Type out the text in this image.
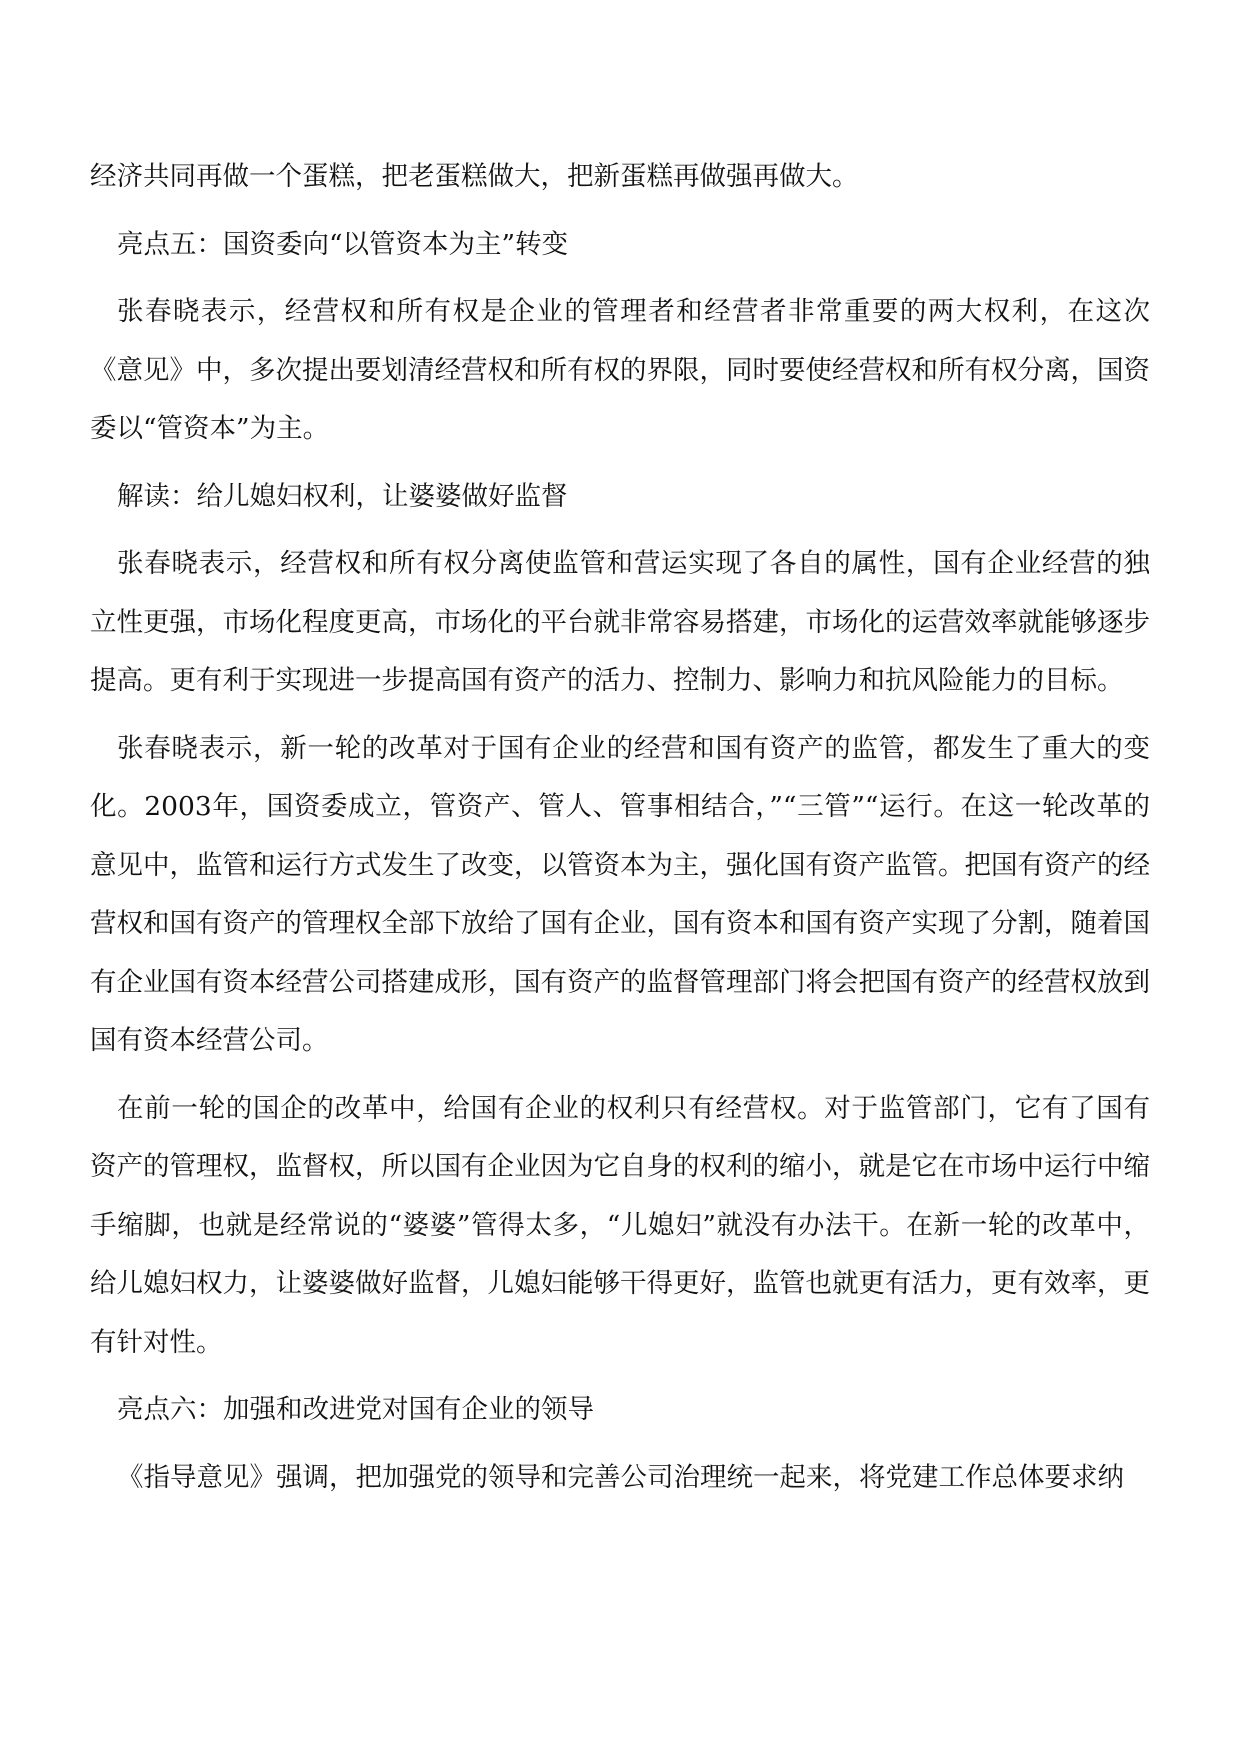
经济共同再做一个蛋糕，把老蛋糕做大，把新蛋糕再做强再做大。

亮点五：国资委向“以管资本为主”转变

张春晓表示，经营权和所有权是企业的管理者和经营者非常重要的两大权利，在这次《意见》中，多次提出要划清经营权和所有权的界限，同时要使经营权和所有权分离，国资委以“管资本”为主。

解读：给儿媳妇权利，让婆婆做好监督

张春晓表示，经营权和所有权分离使监管和营运实现了各自的属性，国有企业经营的独立性更强，市场化程度更高，市场化的平台就非常容易搭建，市场化的运营效率就能够逐步提高。更有利于实现进一步提高国有资产的活力、控制力、影响力和抗风险能力的目标。

张春晓表示，新一轮的改革对于国有企业的经营和国有资产的监管，都发生了重大的变化。2003年，国资委成立，管资产、管人、管事相结合，”“三管”“运行。在这一轮改革的意见中，监管和运行方式发生了改变，以管资本为主，强化国有资产监管。把国有资产的经营权和国有资产的管理权全部下放给了国有企业，国有资本和国有资产实现了分割，随着国有企业国有资本经营公司搭建成形，国有资产的监督管理部门将会把国有资产的经营权放到国有资本经营公司。

在前一轮的国企的改革中，给国有企业的权利只有经营权。对于监管部门，它有了国有资产的管理权，监督权，所以国有企业因为它自身的权利的缩小，就是它在市场中运行中缩手缩脚，也就是经常说的“婆婆”管得太多，“儿媳妇”就没有办法干。在新一轮的改革中，给儿媳妇权力，让婆婆做好监督，儿媳妇能够干得更好，监管也就更有活力，更有效率，更有针对性。

亮点六：加强和改进党对国有企业的领导

《指导意见》强调，把加强党的领导和完善公司治理统一起来，将党建工作总体要求纳
